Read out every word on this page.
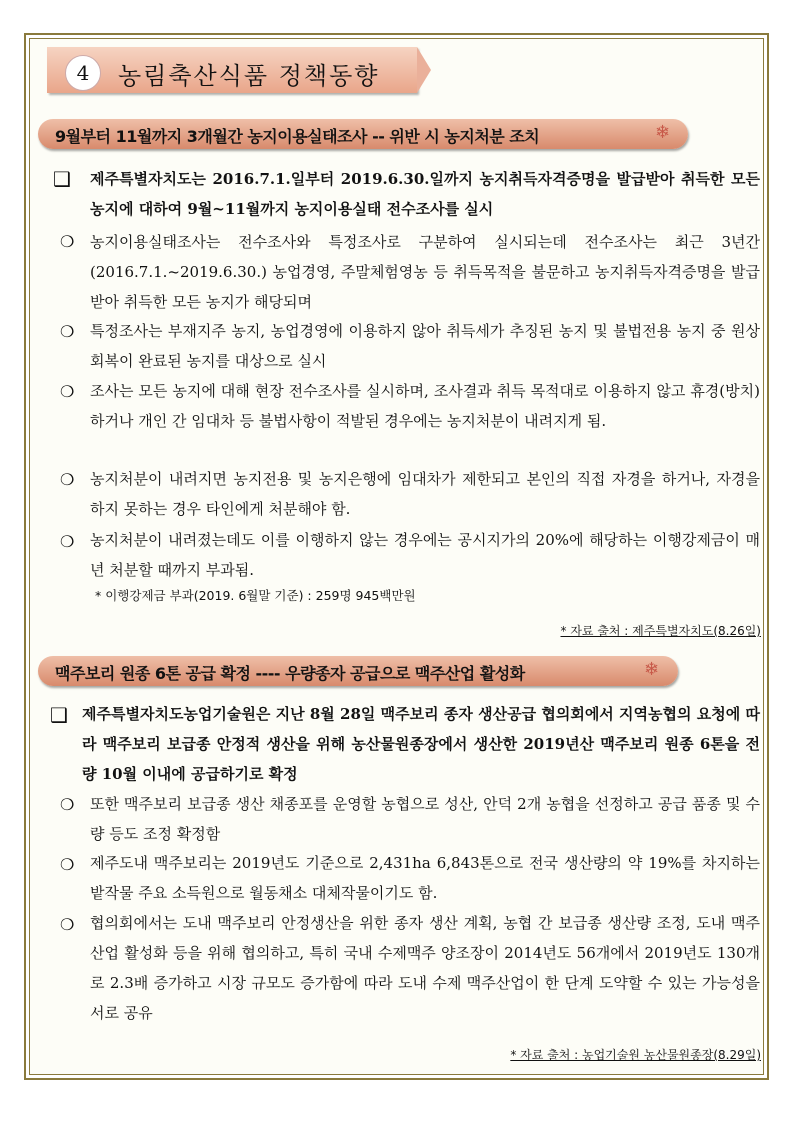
4	농림축산식품 정책동향
9월부터 11월까지 3개월간 농지이용실태조사 -- 위반 시 농지처분 조치	❄
❑ 제주특별자치도는 2016.7.1.일부터 2019.6.30.일까지 농지취득자격증명을 발급받아 취득한 모든 농지에 대하여 9월~11월까지 농지이용실태 전수조사를 실시

❍ 농지이용실태조사는 전수조사와 특정조사로 구분하여 실시되는데 전수조사는 최근 3년간(2016.7.1.~2019.6.30.) 농업경영, 주말체험영농 등 취득목적을 불문하고 농지취득자격증명을 발급받아 취득한 모든 농지가 해당되며

❍ 특정조사는 부재지주 농지, 농업경영에 이용하지 않아 취득세가 추징된 농지 및 불법전용 농지 중 원상회복이 완료된 농지를 대상으로 실시

❍ 조사는 모든 농지에 대해 현장 전수조사를 실시하며, 조사결과 취득 목적대로 이용하지 않고 휴경(방치)하거나 개인 간 임대차 등 불법사항이 적발된 경우에는 농지처분이 내려지게 됨.

❍ 농지처분이 내려지면 농지전용 및 농지은행에 임대차가 제한되고 본인의 직접 자경을 하거나, 자경을 하지 못하는 경우 타인에게 처분해야 함.

❍ 농지처분이 내려졌는데도 이를 이행하지 않는 경우에는 공시지가의 20%에 해당하는 이행강제금이 매년 처분할 때까지 부과됨.

* 이행강제금 부과(2019. 6월말 기준) : 259명 945백만원
* 자료 출처 : 제주특별자치도(8.26일)
맥주보리 원종 6톤 공급 확정 ---- 우량종자 공급으로 맥주산업 활성화	❄
❑ 제주특별자치도농업기술원은 지난 8월 28일 맥주보리 종자 생산공급 협의회에서 지역농협의 요청에 따라 맥주보리 보급종 안정적 생산을 위해 농산물원종장에서 생산한 2019년산 맥주보리 원종 6톤을 전량 10월 이내에 공급하기로 확정

❍ 또한 맥주보리 보급종 생산 채종포를 운영할 농협으로 성산, 안덕 2개 농협을 선정하고 공급 품종 및 수량 등도 조정 확정함

❍ 제주도내 맥주보리는 2019년도 기준으로 2,431ha 6,843톤으로 전국 생산량의 약 19%를 차지하는 밭작물 주요 소득원으로 월동채소 대체작물이기도 함.

❍ 협의회에서는 도내 맥주보리 안정생산을 위한 종자 생산 계획, 농협 간 보급종 생산량 조정, 도내 맥주산업 활성화 등을 위해 협의하고, 특히 국내 수제맥주 양조장이 2014년도 56개에서 2019년도 130개로 2.3배 증가하고 시장 규모도 증가함에 따라 도내 수제 맥주산업이 한 단계 도약할 수 있는 가능성을 서로 공유

* 자료 출처 : 농업기술원 농산물원종장(8.29일)
